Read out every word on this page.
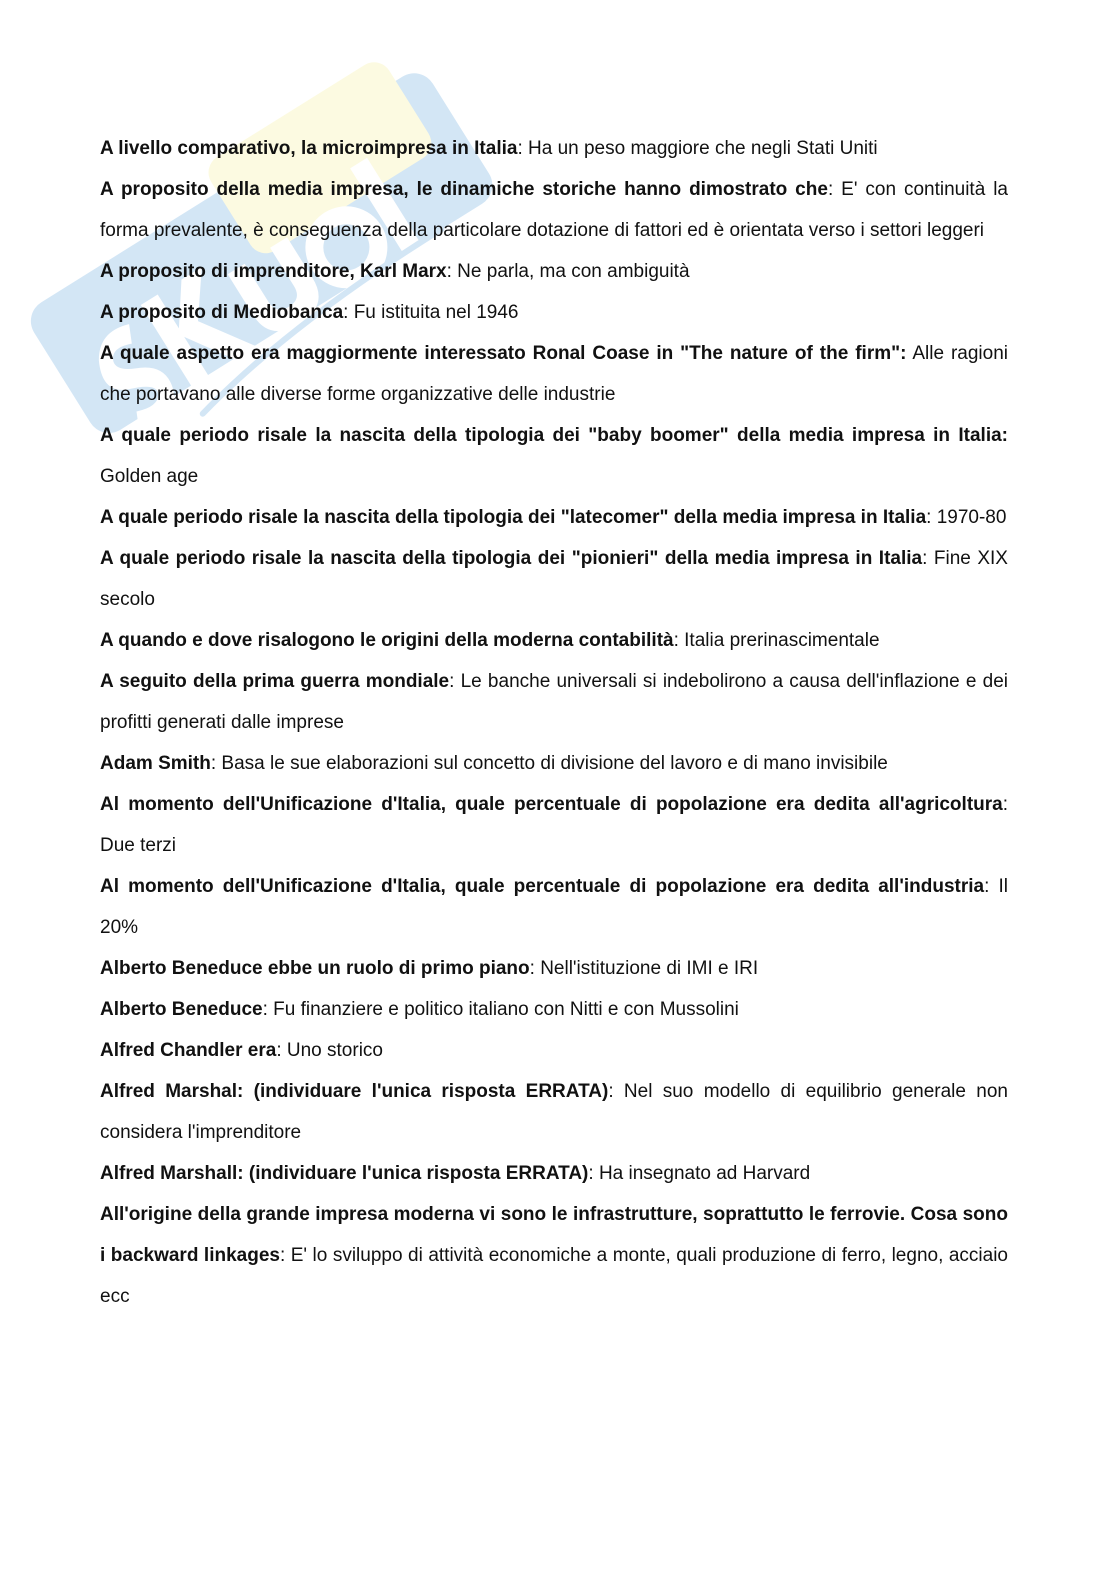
A livello comparativo, la microimpresa in Italia: Ha un peso maggiore che negli Stati Uniti

A proposito della media impresa, le dinamiche storiche hanno dimostrato che: E' con continuità la forma prevalente, è conseguenza della particolare dotazione di fattori ed è orientata verso i settori leggeri

A proposito di imprenditore, Karl Marx: Ne parla, ma con ambiguità

A proposito di Mediobanca: Fu istituita nel 1946

A quale aspetto era maggiormente interessato Ronal Coase in "The nature of the firm": Alle ragioni che portavano alle diverse forme organizzative delle industrie

A quale periodo risale la nascita della tipologia dei "baby boomer" della media impresa in Italia: Golden age

A quale periodo risale la nascita della tipologia dei "latecomer" della media impresa in Italia: 1970-80

A quale periodo risale la nascita della tipologia dei "pionieri" della media impresa in Italia: Fine XIX secolo

A quando e dove risalogono le origini della moderna contabilità: Italia prerinascimentale

A seguito della prima guerra mondiale: Le banche universali si indebolirono a causa dell'inflazione e dei profitti generati dalle imprese

Adam Smith: Basa le sue elaborazioni sul concetto di divisione del lavoro e di mano invisibile

Al momento dell'Unificazione d'Italia, quale percentuale di popolazione era dedita all'agricoltura: Due terzi

Al momento dell'Unificazione d'Italia, quale percentuale di popolazione era dedita all'industria: Il 20%

Alberto Beneduce ebbe un ruolo di primo piano: Nell'istituzione di IMI e IRI

Alberto Beneduce: Fu finanziere e politico italiano con Nitti e con Mussolini

Alfred Chandler era: Uno storico

Alfred Marshal: (individuare l'unica risposta ERRATA): Nel suo modello di equilibrio generale non considera l'imprenditore

Alfred Marshall: (individuare l'unica risposta ERRATA): Ha insegnato ad Harvard

All'origine della grande impresa moderna vi sono le infrastrutture, soprattutto le ferrovie. Cosa sono i backward linkages: E' lo sviluppo di attività economiche a monte, quali produzione di ferro, legno, acciaio ecc
